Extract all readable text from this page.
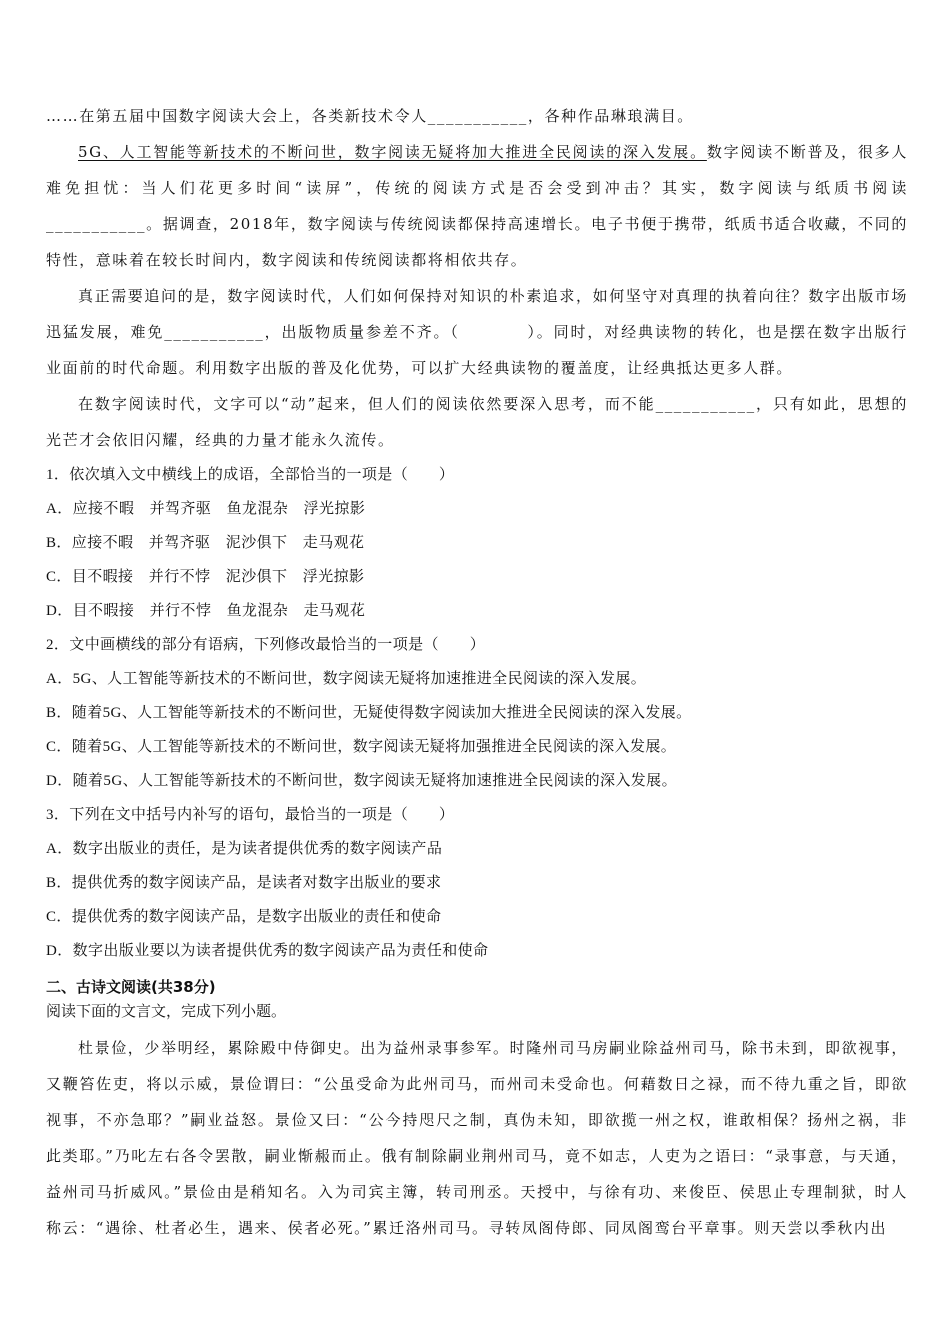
……在第五届中国数字阅读大会上，各类新技术令人___________，各种作品琳琅满目。

5G、人工智能等新技术的不断问世，数字阅读无疑将加大推进全民阅读的深入发展。数字阅读不断普及，很多人难免担忧：当人们花更多时间“读屏”，传统的阅读方式是否会受到冲击？其实，数字阅读与纸质书阅读___________。据调查，2018年，数字阅读与传统阅读都保持高速增长。电子书便于携带，纸质书适合收藏，不同的特性，意味着在较长时间内，数字阅读和传统阅读都将相依共存。

真正需要追问的是，数字阅读时代，人们如何保持对知识的朴素追求，如何坚守对真理的执着向往？数字出版市场迅猛发展，难免___________，出版物质量参差不齐。（　　　　）。同时，对经典读物的转化，也是摆在数字出版行业面前的时代命题。利用数字出版的普及化优势，可以扩大经典读物的覆盖度，让经典抵达更多人群。

在数字阅读时代，文字可以“动”起来，但人们的阅读依然要深入思考，而不能___________，只有如此，思想的光芒才会依旧闪耀，经典的力量才能永久流传。

1．依次填入文中横线上的成语，全部恰当的一项是（　　）

A．应接不暇　并驾齐驱　鱼龙混杂　浮光掠影

B．应接不暇　并驾齐驱　泥沙俱下　走马观花

C．目不暇接　并行不悖　泥沙俱下　浮光掠影

D．目不暇接　并行不悖　鱼龙混杂　走马观花

2．文中画横线的部分有语病，下列修改最恰当的一项是（　　）

A．5G、人工智能等新技术的不断问世，数字阅读无疑将加速推进全民阅读的深入发展。

B．随着5G、人工智能等新技术的不断问世，无疑使得数字阅读加大推进全民阅读的深入发展。

C．随着5G、人工智能等新技术的不断问世，数字阅读无疑将加强推进全民阅读的深入发展。

D．随着5G、人工智能等新技术的不断问世，数字阅读无疑将加速推进全民阅读的深入发展。

3．下列在文中括号内补写的语句，最恰当的一项是（　　）

A．数字出版业的责任，是为读者提供优秀的数字阅读产品

B．提供优秀的数字阅读产品，是读者对数字出版业的要求

C．提供优秀的数字阅读产品，是数字出版业的责任和使命

D．数字出版业要以为读者提供优秀的数字阅读产品为责任和使命

二、古诗文阅读(共38分)

阅读下面的文言文，完成下列小题。

杜景俭，少举明经，累除殿中侍御史。出为益州录事参军。时隆州司马房嗣业除益州司马，除书未到，即欲视事，又鞭笞佐吏，将以示威，景俭谓曰：“公虽受命为此州司马，而州司未受命也。何藉数日之禄，而不待九重之旨，即欲视事，不亦急耶？”嗣业益怒。景俭又曰：“公今持咫尺之制，真伪未知，即欲揽一州之权，谁敢相保？扬州之祸，非此类耶。”乃叱左右各令罢散，嗣业惭赧而止。俄有制除嗣业荆州司马，竟不如志，人吏为之语曰：“录事意，与天通，益州司马折威风。”景俭由是稍知名。入为司宾主簿，转司刑丞。天授中，与徐有功、来俊臣、侯思止专理制狱，时人称云：“遇徐、杜者必生，遇来、侯者必死。”累迁洛州司马。寻转凤阁侍郎、同凤阁鸾台平章事。则天尝以季秋内出
